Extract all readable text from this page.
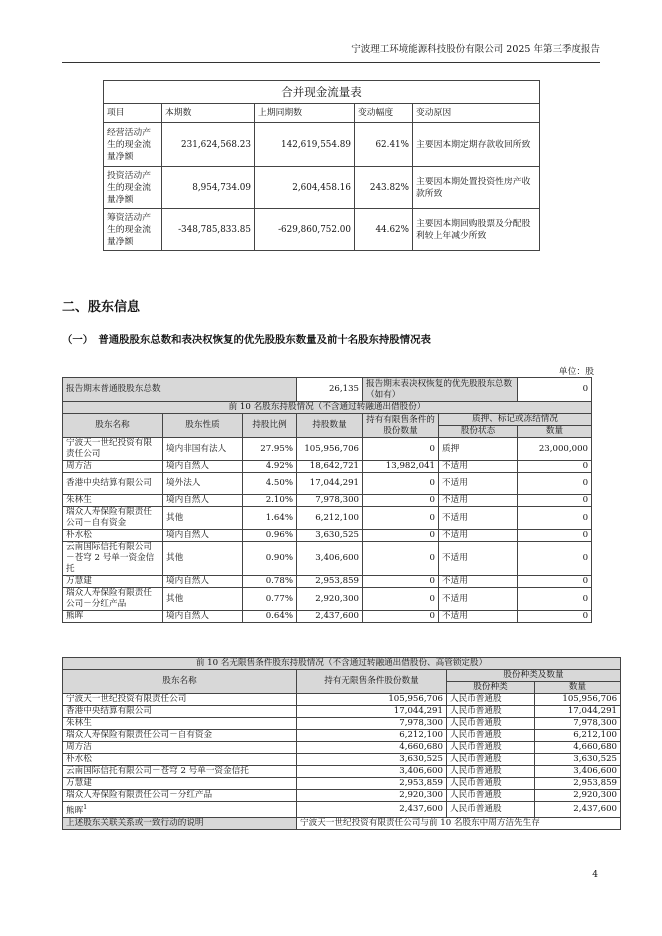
宁波理工环境能源科技股份有限公司 2025 年第三季度报告
合并现金流量表				
项目	本期数	上期同期数	变动幅度	变动原因
经营活动产生的现金流量净额	231,624,568.23	142,619,554.89	62.41%	主要因本期定期存款收回所致
投资活动产生的现金流量净额	8,954,734.09	2,604,458.16	243.82%	主要因本期处置投资性房产收款所致
筹资活动产生的现金流量净额	-348,785,833.85	-629,860,752.00	44.62%	主要因本期回购股票及分配股利较上年减少所致
二、股东信息
（一）　普通股股东总数和表决权恢复的优先股股东数量及前十名股东持股情况表
单位：股
报告期末普通股股东总数			26,135	报告期末表决权恢复的优先股股东总数（如有）		0
前 10 名股东持股情况（不含通过转融通出借股份）						
股东名称	股东性质	持股比例	持股数量	持有有限售条件的股份数量	质押、标记或冻结情况	
					股份状态	数量
宁波天一世纪投资有限责任公司	境内非国有法人	27.95%	105,956,706	0	质押	23,000,000
周方洁	境内自然人	4.92%	18,642,721	13,982,041	不适用	0
香港中央结算有限公司	境外法人	4.50%	17,044,291	0	不适用	0
朱林生	境内自然人	2.10%	7,978,300	0	不适用	0
瑞众人寿保险有限责任公司－自有资金	其他	1.64%	6,212,100	0	不适用	0
朴水松	境内自然人	0.96%	3,630,525	0	不适用	0
云南国际信托有限公司－苍穹 2 号单一资金信托	其他	0.90%	3,406,600	0	不适用	0
万慧建	境内自然人	0.78%	2,953,859	0	不适用	0
瑞众人寿保险有限责任公司－分红产品	其他	0.77%	2,920,300	0	不适用	0
熊晖	境内自然人	0.64%	2,437,600	0	不适用	0
前 10 名无限售条件股东持股情况（不含通过转融通出借股份、高管锁定股）			
股东名称	持有无限售条件股份数量	股份种类及数量	
		股份种类	数量
宁波天一世纪投资有限责任公司	105,956,706	人民币普通股	105,956,706
香港中央结算有限公司	17,044,291	人民币普通股	17,044,291
朱林生	7,978,300	人民币普通股	7,978,300
瑞众人寿保险有限责任公司－自有资金	6,212,100	人民币普通股	6,212,100
周方洁	4,660,680	人民币普通股	4,660,680
朴水松	3,630,525	人民币普通股	3,630,525
云南国际信托有限公司－苍穹 2 号单一资金信托	3,406,600	人民币普通股	3,406,600
万慧建	2,953,859	人民币普通股	2,953,859
瑞众人寿保险有限责任公司－分红产品	2,920,300	人民币普通股	2,920,300
熊晖$^1$	2,437,600	人民币普通股	2,437,600
上述股东关联关系或一致行动的说明	宁波天一世纪投资有限责任公司与前 10 名股东中周方洁先生存		
4
